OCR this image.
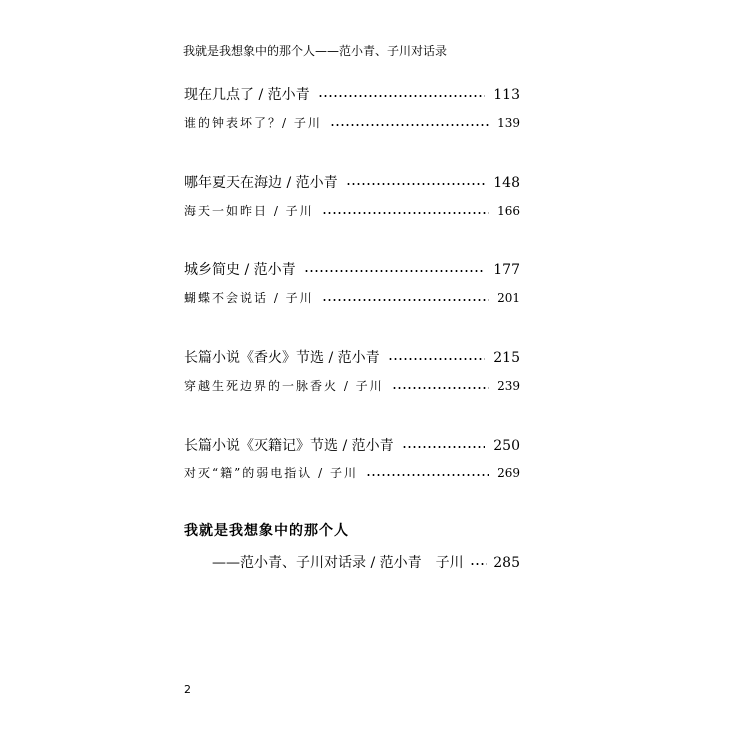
我就是我想象中的那个人——范小青、子川对话录
现在几点了 / 范小青	113
谁的钟表坏了？/ 子川	139
哪年夏天在海边 / 范小青	148
海天一如昨日 / 子川	166
城乡简史 / 范小青	177
蝴蝶不会说话 / 子川	201
长篇小说《香火》节选 / 范小青	215
穿越生死边界的一脉香火 / 子川	239
长篇小说《灭籍记》节选 / 范小青	250
对灭“籍”的弱电指认 / 子川	269
我就是我想象中的那个人
——范小青、子川对话录 / 范小青　子川 285
2
